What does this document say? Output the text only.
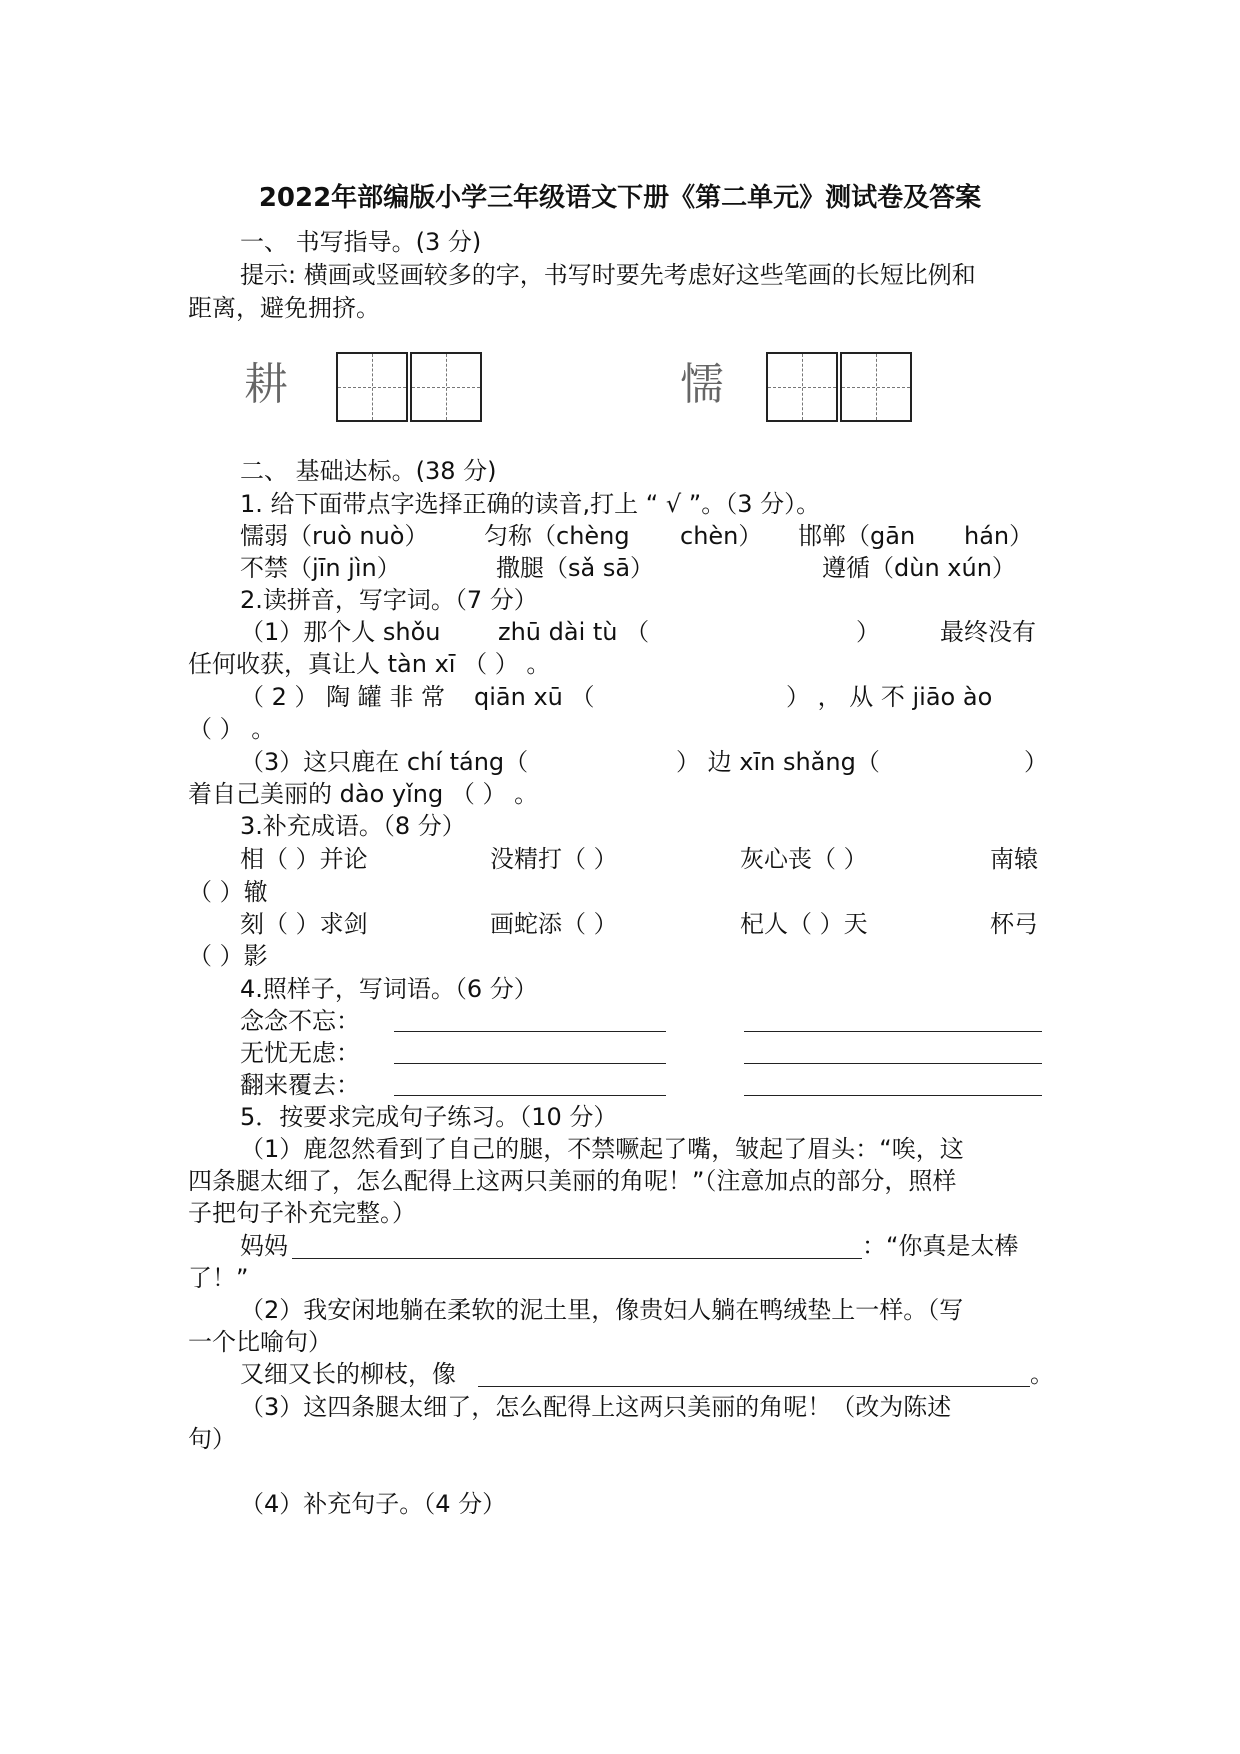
2022年部编版小学三年级语文下册《第二单元》测试卷及答案
一、 书写指导。(3 分)
提示: 横画或竖画较多的字，书写时要先考虑好这些笔画的长短比例和
距离，避免拥挤。
耕	懦
二、 基础达标。(38 分)
1. 给下面带点字选择正确的读音,打上 “ √ ”。（3 分）。
懦弱（ruò nuò） 匀称（chèng chèn） 邯郸（gān hán）
不禁（jīn jìn）	撒腿（sǎ sā）	遵循（dùn xún）
2.读拼音，写字词。（7 分）
（1）那个人 shǒu zhū dài tù （	）	最终没有
任何收获，真让人 tàn xī （ ） 。
（ 2 ） 陶 罐 非 常 qiān xū （	） ， 从 不 jiāo ào
（ ） 。
（3）这只鹿在 chí táng（	） 边 xīn shǎng（	）
着自己美丽的 dào yǐng （ ） 。
3.补充成语。（8 分）
相（ ）并论	没精打（ ）	灰心丧（ ）	南辕
（ ）辙
刻（ ）求剑	画蛇添（ ）	杞人（ ）天	杯弓
（ ）影
4.照样子，写词语。（6 分）
念念不忘：
无忧无虑：
翻来覆去：
5．按要求完成句子练习。（10 分）
（1）鹿忽然看到了自己的腿，不禁噘起了嘴，皱起了眉头：“唉，这
四条腿太细了，怎么配得上这两只美丽的角呢！”（注意加点的部分，照样
子把句子补充完整。）
妈妈	：“你真是太棒
了！”
（2）我安闲地躺在柔软的泥土里，像贵妇人躺在鸭绒垫上一样。（写
一个比喻句）
又细又长的柳枝，像	。
（3）这四条腿太细了，怎么配得上这两只美丽的角呢！（改为陈述
句）
（4）补充句子。（4 分）
